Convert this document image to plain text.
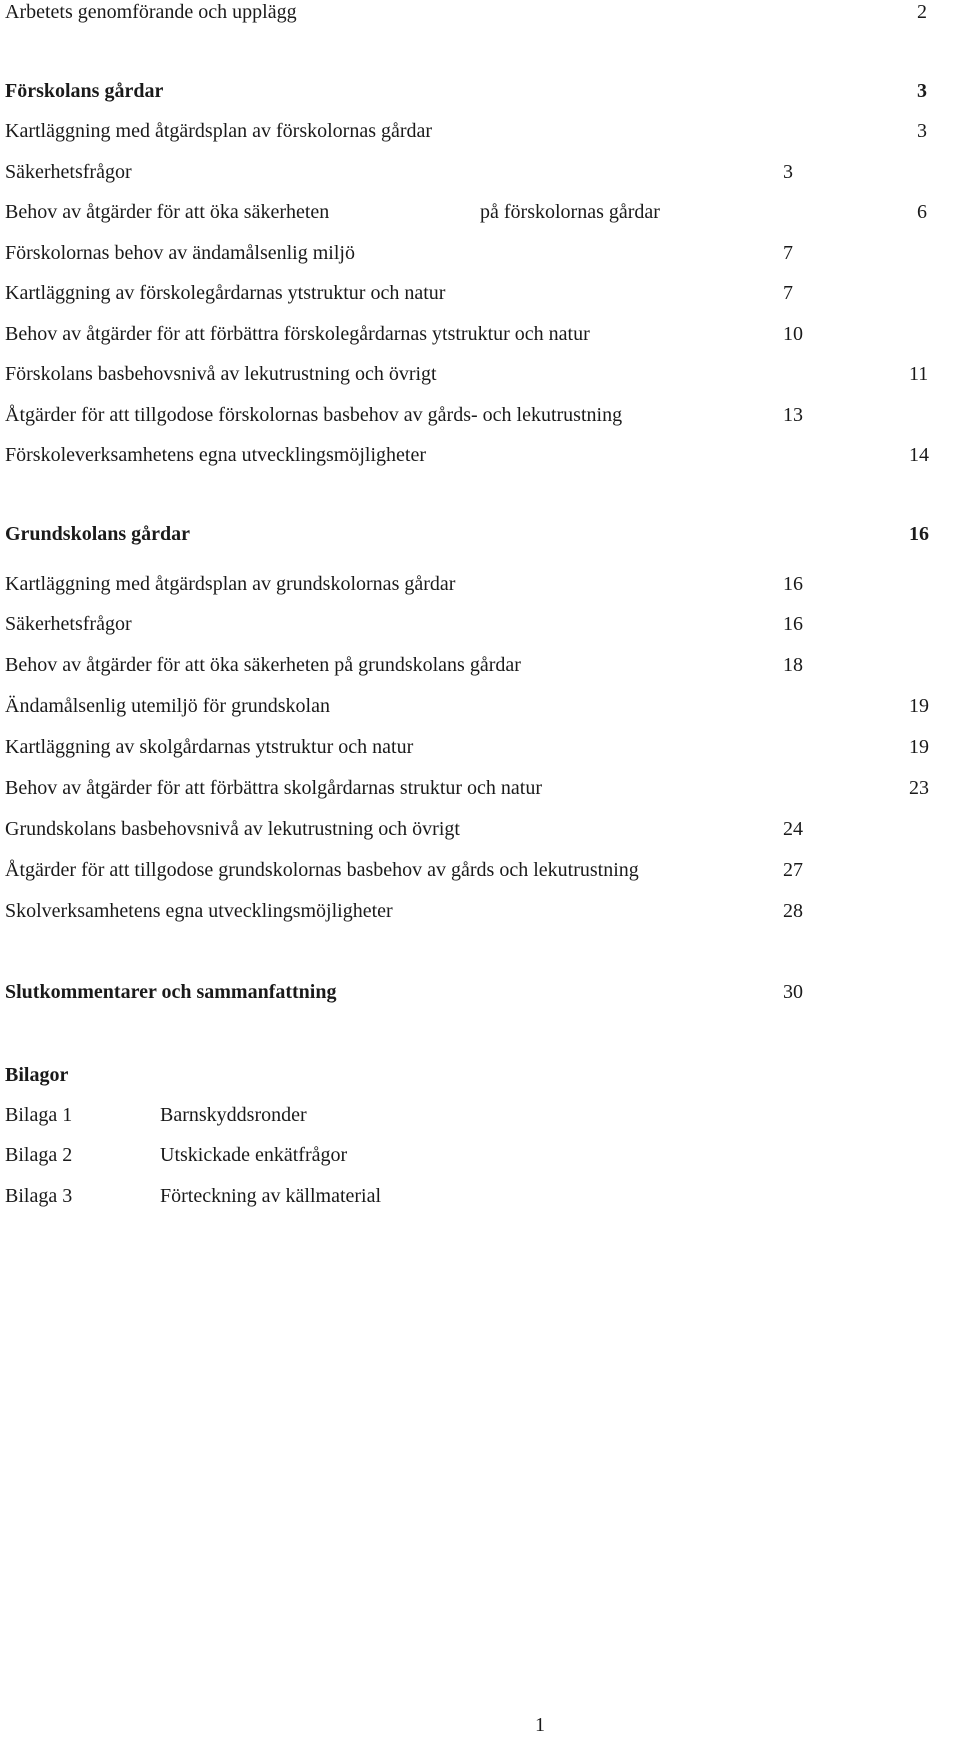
Arbetets genomförande och upplägg	2
Förskolans gårdar	3
Kartläggning med åtgärdsplan av förskolornas gårdar	3
Säkerhetsfrågor	3
Behov av åtgärder för att öka säkerheten	på förskolornas gårdar	6
Förskolornas behov av ändamålsenlig miljö	7
Kartläggning av förskolegårdarnas ytstruktur och natur	7
Behov av åtgärder för att förbättra förskolegårdarnas ytstruktur och natur	10
Förskolans basbehovsnivå av lekutrustning och övrigt	11
Åtgärder för att tillgodose förskolornas basbehov av gårds- och lekutrustning	13
Förskoleverksamhetens egna utvecklingsmöjligheter	14
Grundskolans gårdar	16
Kartläggning med åtgärdsplan av grundskolornas gårdar	16
Säkerhetsfrågor	16
Behov av åtgärder för att öka säkerheten på grundskolans gårdar	18
Ändamålsenlig utemiljö för grundskolan	19
Kartläggning av skolgårdarnas ytstruktur och natur	19
Behov av åtgärder för att förbättra skolgårdarnas struktur och natur	23
Grundskolans basbehovsnivå av lekutrustning och övrigt	24
Åtgärder för att tillgodose grundskolornas basbehov av gårds och lekutrustning	27
Skolverksamhetens egna utvecklingsmöjligheter	28
Slutkommentarer och sammanfattning	30
Bilagor
Bilaga 1	Barnskyddsronder
Bilaga 2	Utskickade enkätfrågor
Bilaga 3	Förteckning av källmaterial
1
